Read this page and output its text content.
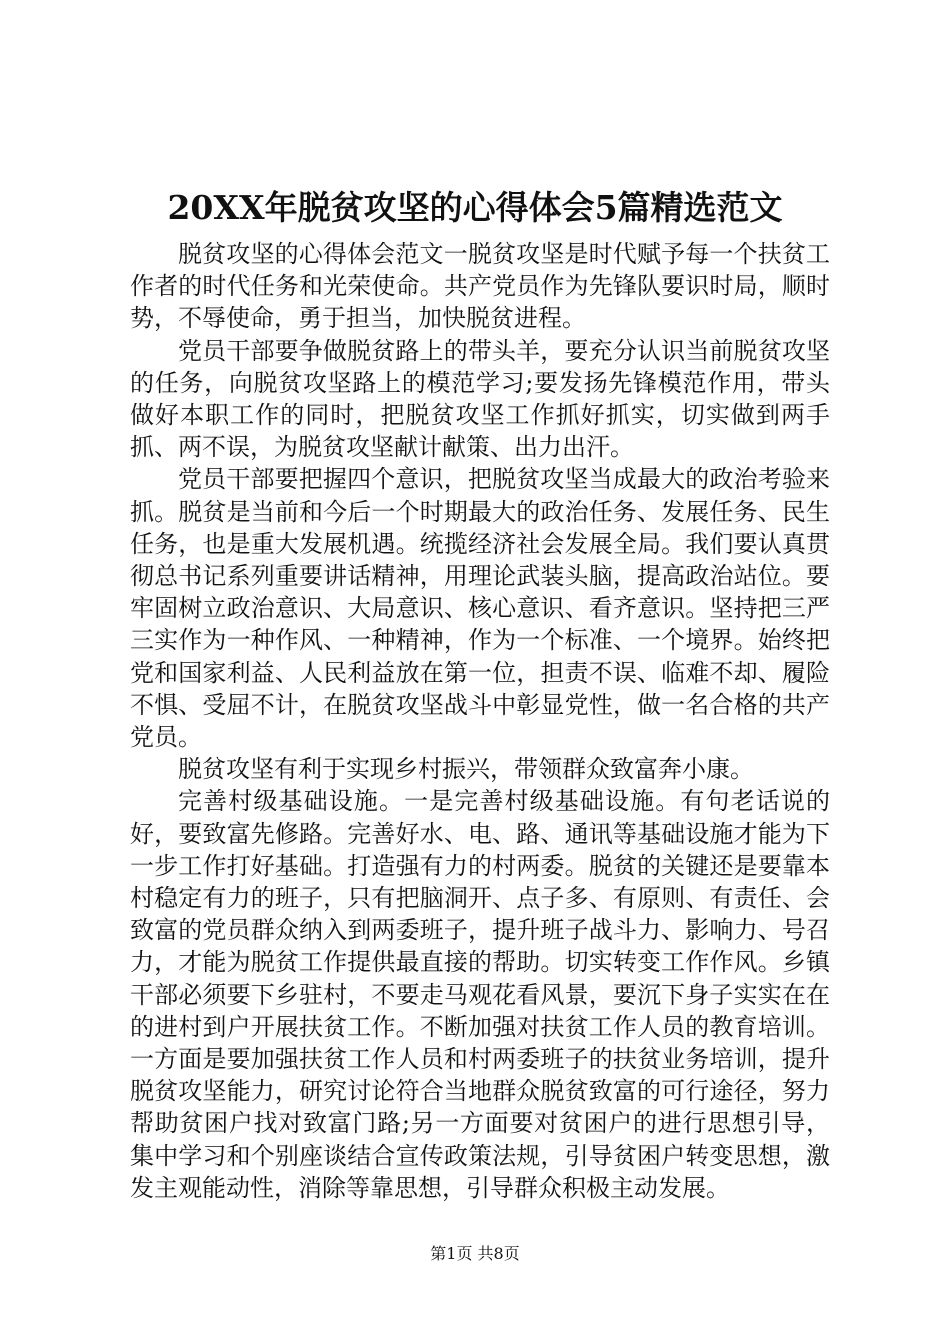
20XX年脱贫攻坚的心得体会5篇精选范文

脱贫攻坚的心得体会范文一脱贫攻坚是时代赋予每一个扶贫工作者的时代任务和光荣使命。共产党员作为先锋队要识时局，顺时势，不辱使命，勇于担当，加快脱贫进程。

党员干部要争做脱贫路上的带头羊，要充分认识当前脱贫攻坚的任务，向脱贫攻坚路上的模范学习;要发扬先锋模范作用，带头做好本职工作的同时，把脱贫攻坚工作抓好抓实，切实做到两手抓、两不误，为脱贫攻坚献计献策、出力出汗。

党员干部要把握四个意识，把脱贫攻坚当成最大的政治考验来抓。脱贫是当前和今后一个时期最大的政治任务、发展任务、民生任务，也是重大发展机遇。统揽经济社会发展全局。我们要认真贯彻总书记系列重要讲话精神，用理论武装头脑，提高政治站位。要牢固树立政治意识、大局意识、核心意识、看齐意识。坚持把三严三实作为一种作风、一种精神，作为一个标准、一个境界。始终把党和国家利益、人民利益放在第一位，担责不误、临难不却、履险不惧、受屈不计，在脱贫攻坚战斗中彰显党性，做一名合格的共产党员。

脱贫攻坚有利于实现乡村振兴，带领群众致富奔小康。

完善村级基础设施。一是完善村级基础设施。有句老话说的好，要致富先修路。完善好水、电、路、通讯等基础设施才能为下一步工作打好基础。打造强有力的村两委。脱贫的关键还是要靠本村稳定有力的班子，只有把脑洞开、点子多、有原则、有责任、会致富的党员群众纳入到两委班子，提升班子战斗力、影响力、号召力，才能为脱贫工作提供最直接的帮助。切实转变工作作风。乡镇干部必须要下乡驻村，不要走马观花看风景，要沉下身子实实在在的进村到户开展扶贫工作。不断加强对扶贫工作人员的教育培训。一方面是要加强扶贫工作人员和村两委班子的扶贫业务培训，提升脱贫攻坚能力，研究讨论符合当地群众脱贫致富的可行途径，努力帮助贫困户找对致富门路;另一方面要对贫困户的进行思想引导，集中学习和个别座谈结合宣传政策法规，引导贫困户转变思想，激发主观能动性，消除等靠思想，引导群众积极主动发展。

第1页 共8页
